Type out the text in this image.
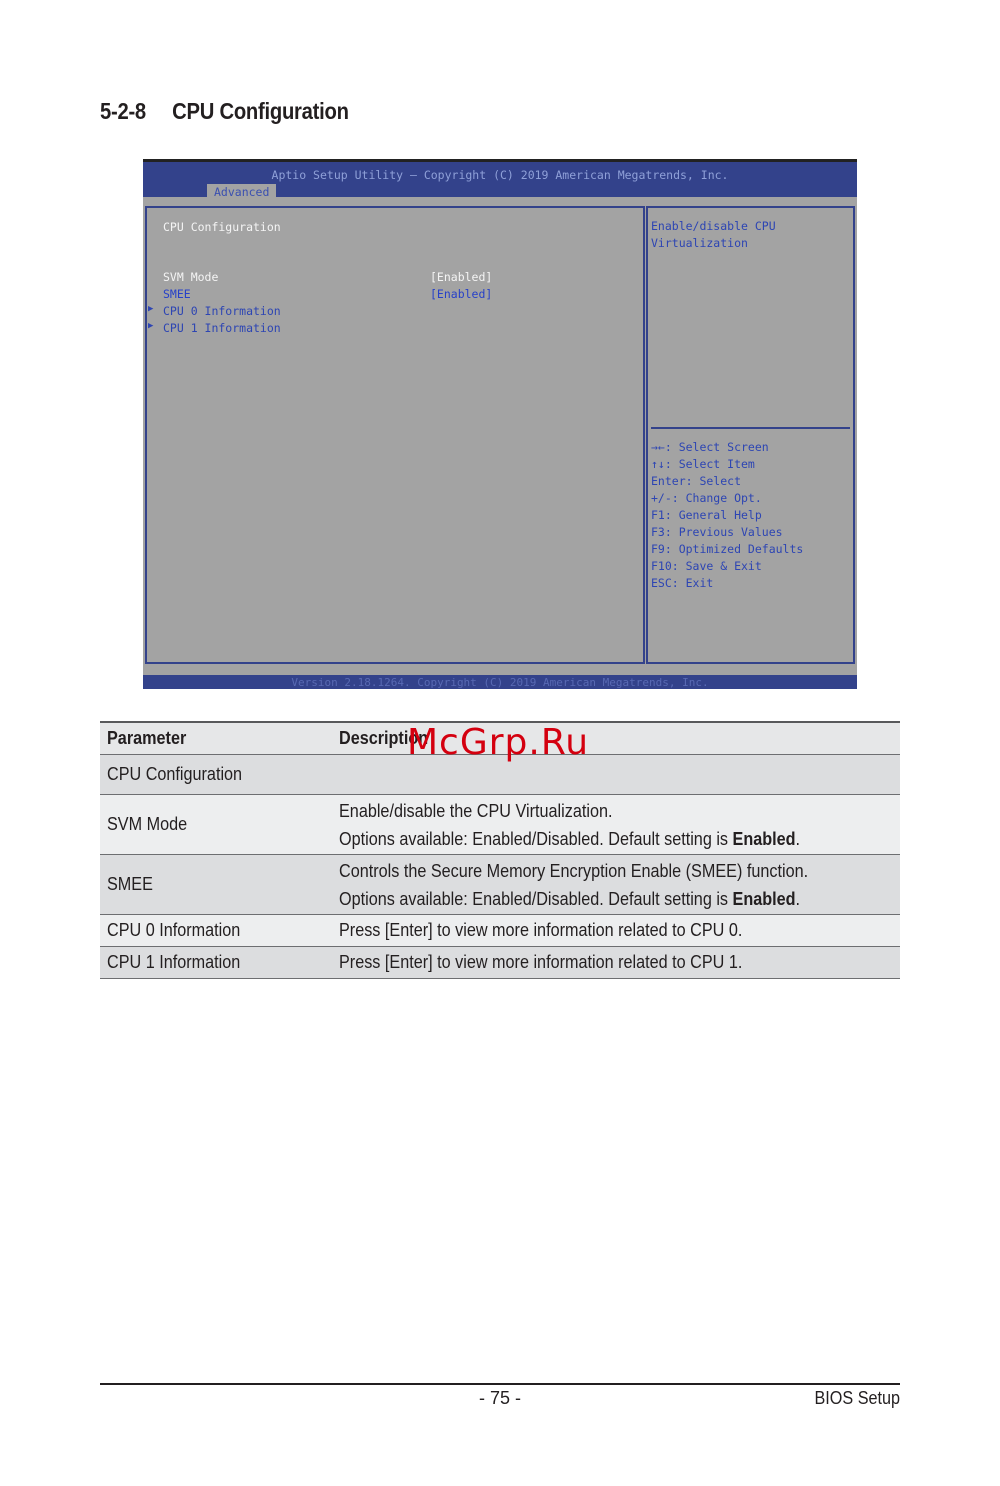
5-2-8 CPU Configuration
Aptio Setup Utility – Copyright (C) 2019 American Megatrends, Inc.
Advanced
CPU Configuration
SVM Mode	[Enabled]
SMEE	[Enabled]
▶ CPU 0 Information
▶ CPU 1 Information
Enable/disable CPU
Virtualization
→←: Select Screen
↑↓: Select Item
Enter: Select
+/-: Change Opt.
F1: General Help
F3: Previous Values
F9: Optimized Defaults
F10: Save & Exit
ESC: Exit
Version 2.18.1264. Copyright (C) 2019 American Megatrends, Inc.
Parameter	Description
CPU Configuration	
SVM Mode	Enable/disable the CPU Virtualization.
Options available: Enabled/Disabled. Default setting is Enabled.

SMEE	Controls the Secure Memory Encryption Enable (SMEE) function.
Options available: Enabled/Disabled. Default setting is Enabled.

CPU 0 Information	Press [Enter] to view more information related to CPU 0.
CPU 1 Information	Press [Enter] to view more information related to CPU 1.
McGrp.Ru
- 75 -	BIOS Setup
